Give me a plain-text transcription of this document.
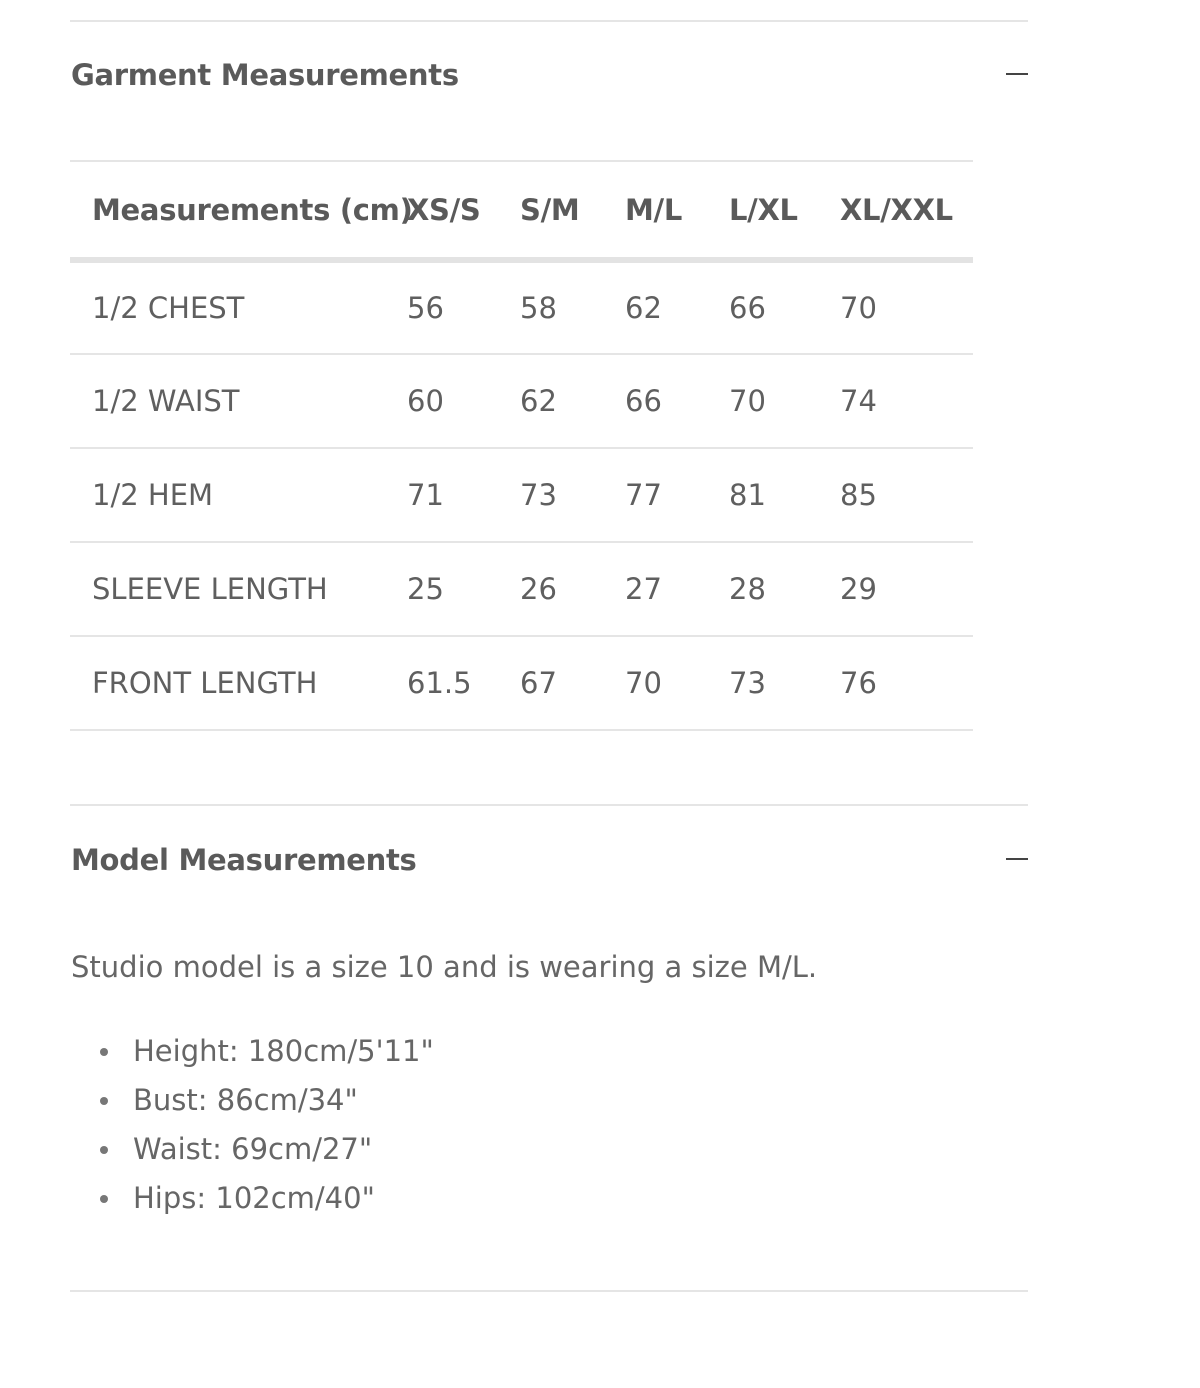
Garment Measurements
Measurements (cm)	XS/S	S/M	M/L	L/XL	XL/XXL
1/2 CHEST	56	58	62	66	70
1/2 WAIST	60	62	66	70	74
1/2 HEM	71	73	77	81	85
SLEEVE LENGTH	25	26	27	28	29
FRONT LENGTH	61.5	67	70	73	76
Model Measurements

Studio model is a size 10 and is wearing a size M/L.

Height: 180cm/5'11"
Bust: 86cm/34"
Waist: 69cm/27"
Hips: 102cm/40"
